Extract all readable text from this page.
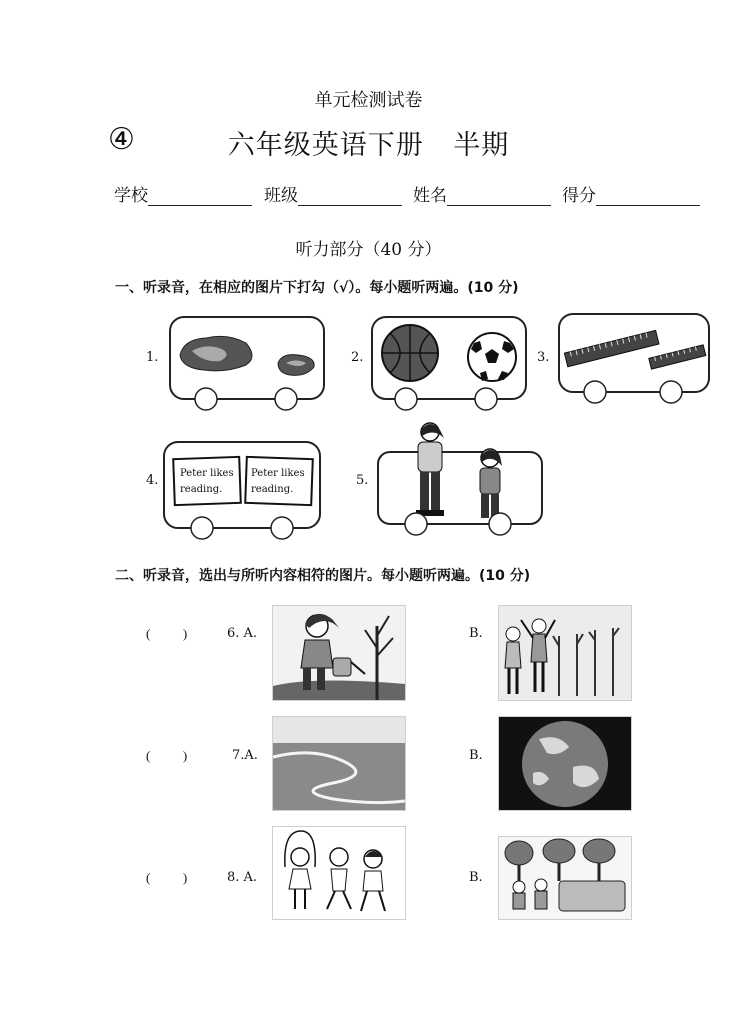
单元检测试卷
④	六年级英语下册 半期
学校	班级	姓名	得分
听力部分（40 分）
一、听录音，在相应的图片下打勾（√）。每小题听两遍。(10 分)
1.	2.	3.
4. Peter likes
reading.
Peter likes
reading.
5.
二、听录音，选出与所听内容相符的图片。每小题听两遍。(10 分)
(          )	6. A.	B.
(          )	7.A.	B.
(          )	8. A.	B.
